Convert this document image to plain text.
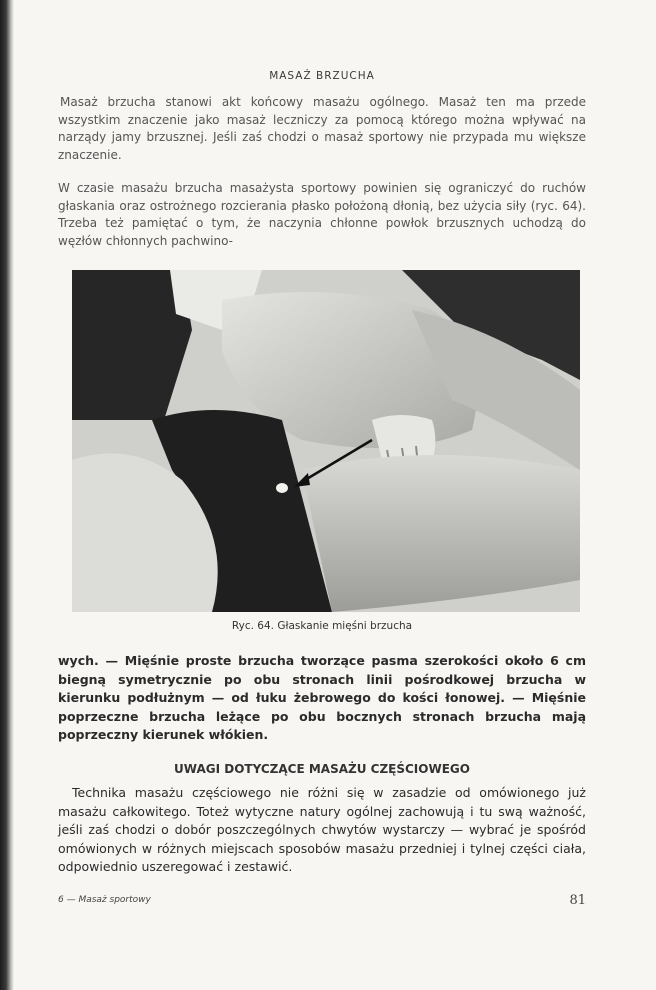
MASAŻ BRZUCHA

Masaż brzucha stanowi akt końcowy masażu ogólnego. Masaż ten ma przede wszystkim znaczenie jako masaż leczniczy za pomocą którego można wpływać na narządy jamy brzusznej. Jeśli zaś chodzi o masaż sportowy nie przypada mu większe znaczenie.

W czasie masażu brzucha masażysta sportowy powinien się ograniczyć do ruchów głaskania oraz ostrożnego rozcierania płasko położoną dłonią, bez użycia siły (ryc. 64). Trzeba też pamiętać o tym, że naczynia chłonne powłok brzusznych uchodzą do węzłów chłonnych pachwino-

Ryc. 64. Głaskanie mięśni brzucha

wych. — Mięśnie proste brzucha tworzące pasma szerokości około 6 cm biegną symetrycznie po obu stronach linii pośrodkowej brzucha w kierunku podłużnym — od łuku żebrowego do kości łonowej. — Mięśnie poprzeczne brzucha leżące po obu bocznych stronach brzucha mają poprzeczny kierunek włókien.

UWAGI DOTYCZĄCE MASAŻU CZĘŚCIOWEGO

Technika masażu częściowego nie różni się w zasadzie od omówionego już masażu całkowitego. Toteż wytyczne natury ogólnej zachowują i tu swą ważność, jeśli zaś chodzi o dobór poszczególnych chwytów wystarczy — wybrać je spośród omówionych w różnych miejscach sposobów masażu przedniej i tylnej części ciała, odpowiednio uszeregować i zestawić.

6 — Masaż sportowy	81
